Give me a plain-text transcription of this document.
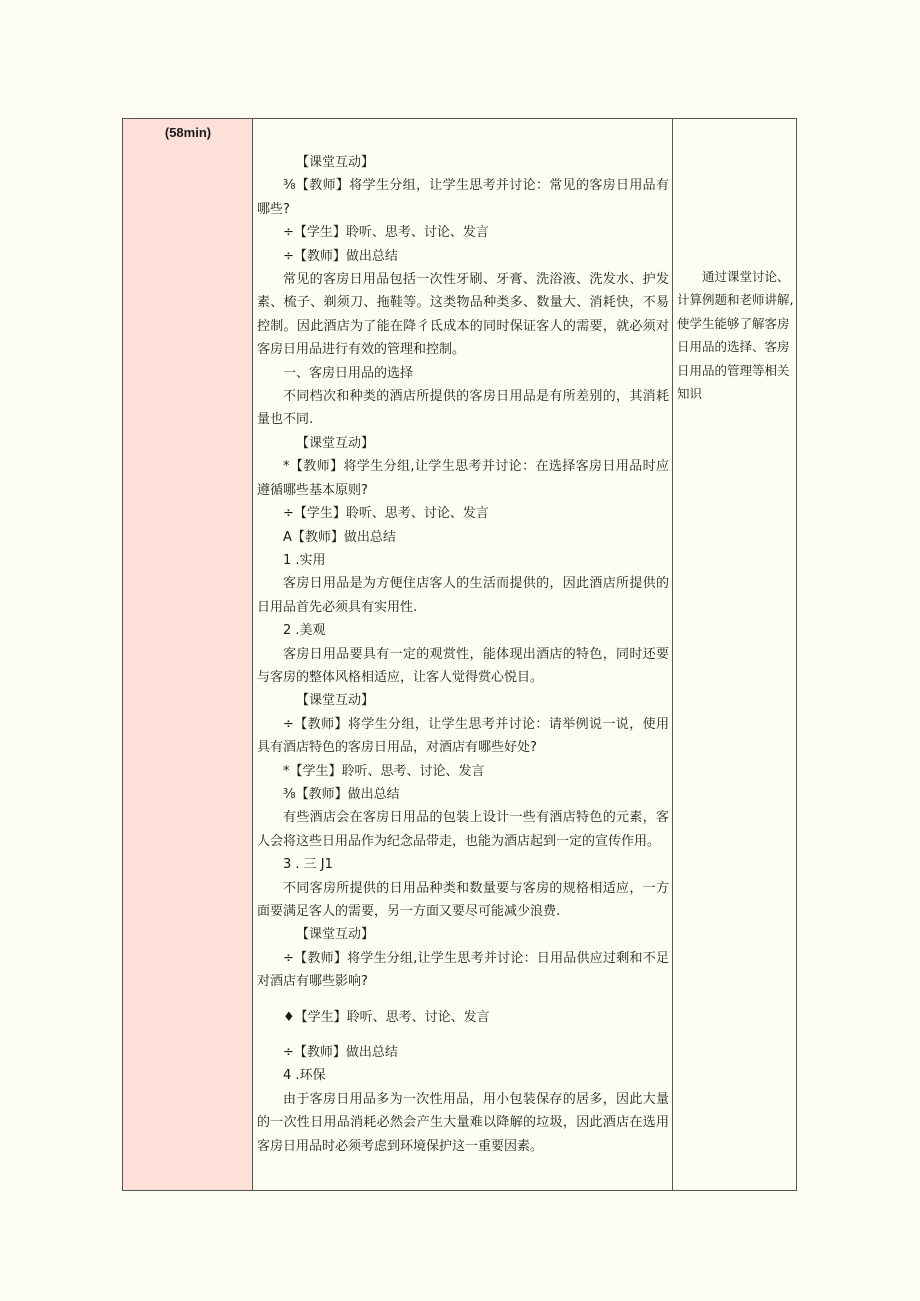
(58min)

【课堂互动】

⅜【教师】将学生分组，让学生思考并讨论：常见的客房日用品有哪些?

÷【学生】聆听、思考、讨论、发言

÷【教师】做出总结

常见的客房日用品包括一次性牙刷、牙膏、洗浴液、洗发水、护发素、梳子、剃须刀、拖鞋等。这类物品种类多、数量大、消耗快，不易控制。因此酒店为了能在降彳氐成本的同时保证客人的需要，就必须对客房日用品进行有效的管理和控制。

一、客房日用品的选择

不同档次和种类的酒店所提供的客房日用品是有所差别的，其消耗量也不同.

【课堂互动】

*【教师】将学生分组,让学生思考并讨论：在选择客房日用品时应遵循哪些基本原则?

÷【学生】聆听、思考、讨论、发言

A【教师】做出总结

1 .实用

客房日用品是为方便住店客人的生活而提供的，因此酒店所提供的日用品首先必须具有实用性.

2 .美观

客房日用品要具有一定的观赏性，能体现出酒店的特色，同时还要与客房的整体风格相适应，让客人觉得赏心悦目。

【课堂互动】

÷【教师】将学生分组，让学生思考并讨论：请举例说一说，使用具有酒店特色的客房日用品，对酒店有哪些好处?

*【学生】聆听、思考、讨论、发言

⅜【教师】做出总结

有些酒店会在客房日用品的包装上设计一些有酒店特色的元素，客人会将这些日用品作为纪念品带走，也能为酒店起到一定的宣传作用。

3 . 三 J1

不同客房所提供的日用品种类和数量要与客房的规格相适应，一方面要满足客人的需要，另一方面又要尽可能减少浪费.

【课堂互动】

÷【教师】将学生分组,让学生思考并讨论：日用品供应过剩和不足对酒店有哪些影响?

♦【学生】聆听、思考、讨论、发言

÷【教师】做出总结

4 .环保

由于客房日用品多为一次性用品，用小包装保存的居多，因此大量的一次性日用品消耗必然会产生大量难以降解的垃圾，因此酒店在选用客房日用品时必须考虑到环境保护这一重要因素。

通过课堂讨论、计算例题和老师讲解,使学生能够了解客房日用品的选择、客房日用品的管理等相关知识
